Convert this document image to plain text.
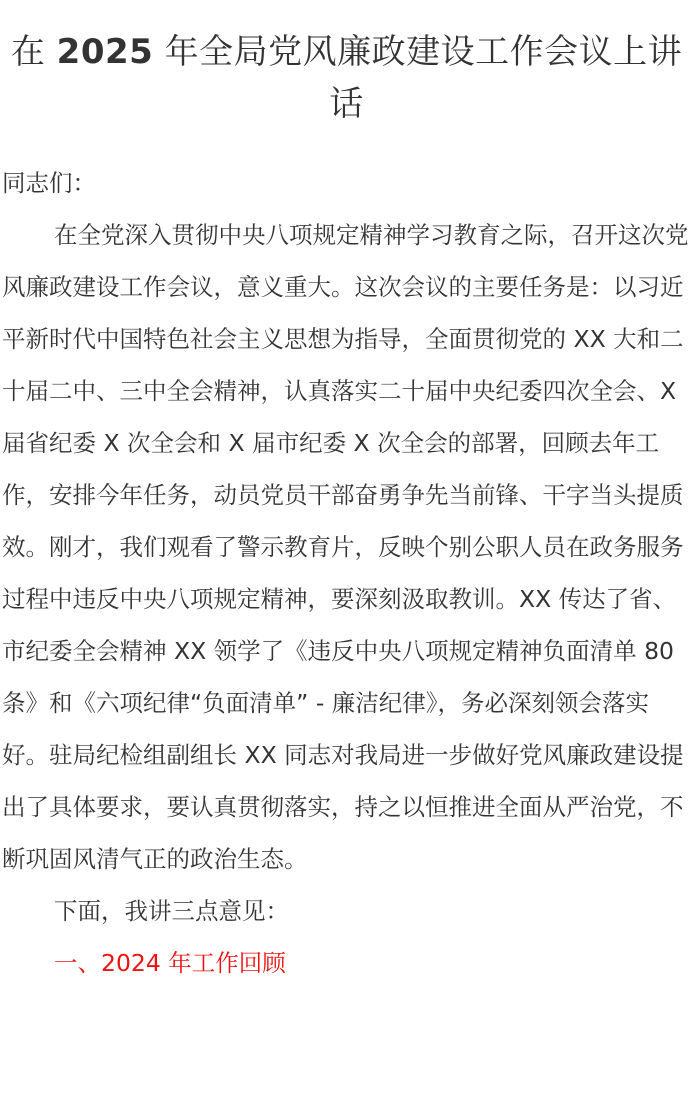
在 2025 年全局党风廉政建设工作会议上讲话

同志们：

在全党深入贯彻中央八项规定精神学习教育之际，召开这次党风廉政建设工作会议，意义重大。这次会议的主要任务是：以习近平新时代中国特色社会主义思想为指导，全面贯彻党的 XX 大和二十届二中、三中全会精神，认真落实二十届中央纪委四次全会、X 届省纪委 X 次全会和 X 届市纪委 X 次全会的部署，回顾去年工作，安排今年任务，动员党员干部奋勇争先当前锋、干字当头提质效。刚才，我们观看了警示教育片，反映个别公职人员在政务服务过程中违反中央八项规定精神，要深刻汲取教训。XX 传达了省、市纪委全会精神 XX 领学了《违反中央八项规定精神负面清单 80 条》和《六项纪律“负面清单” - 廉洁纪律》，务必深刻领会落实好。驻局纪检组副组长 XX 同志对我局进一步做好党风廉政建设提出了具体要求，要认真贯彻落实，持之以恒推进全面从严治党，不断巩固风清气正的政治生态。

下面，我讲三点意见：

一、2024 年工作回顾
